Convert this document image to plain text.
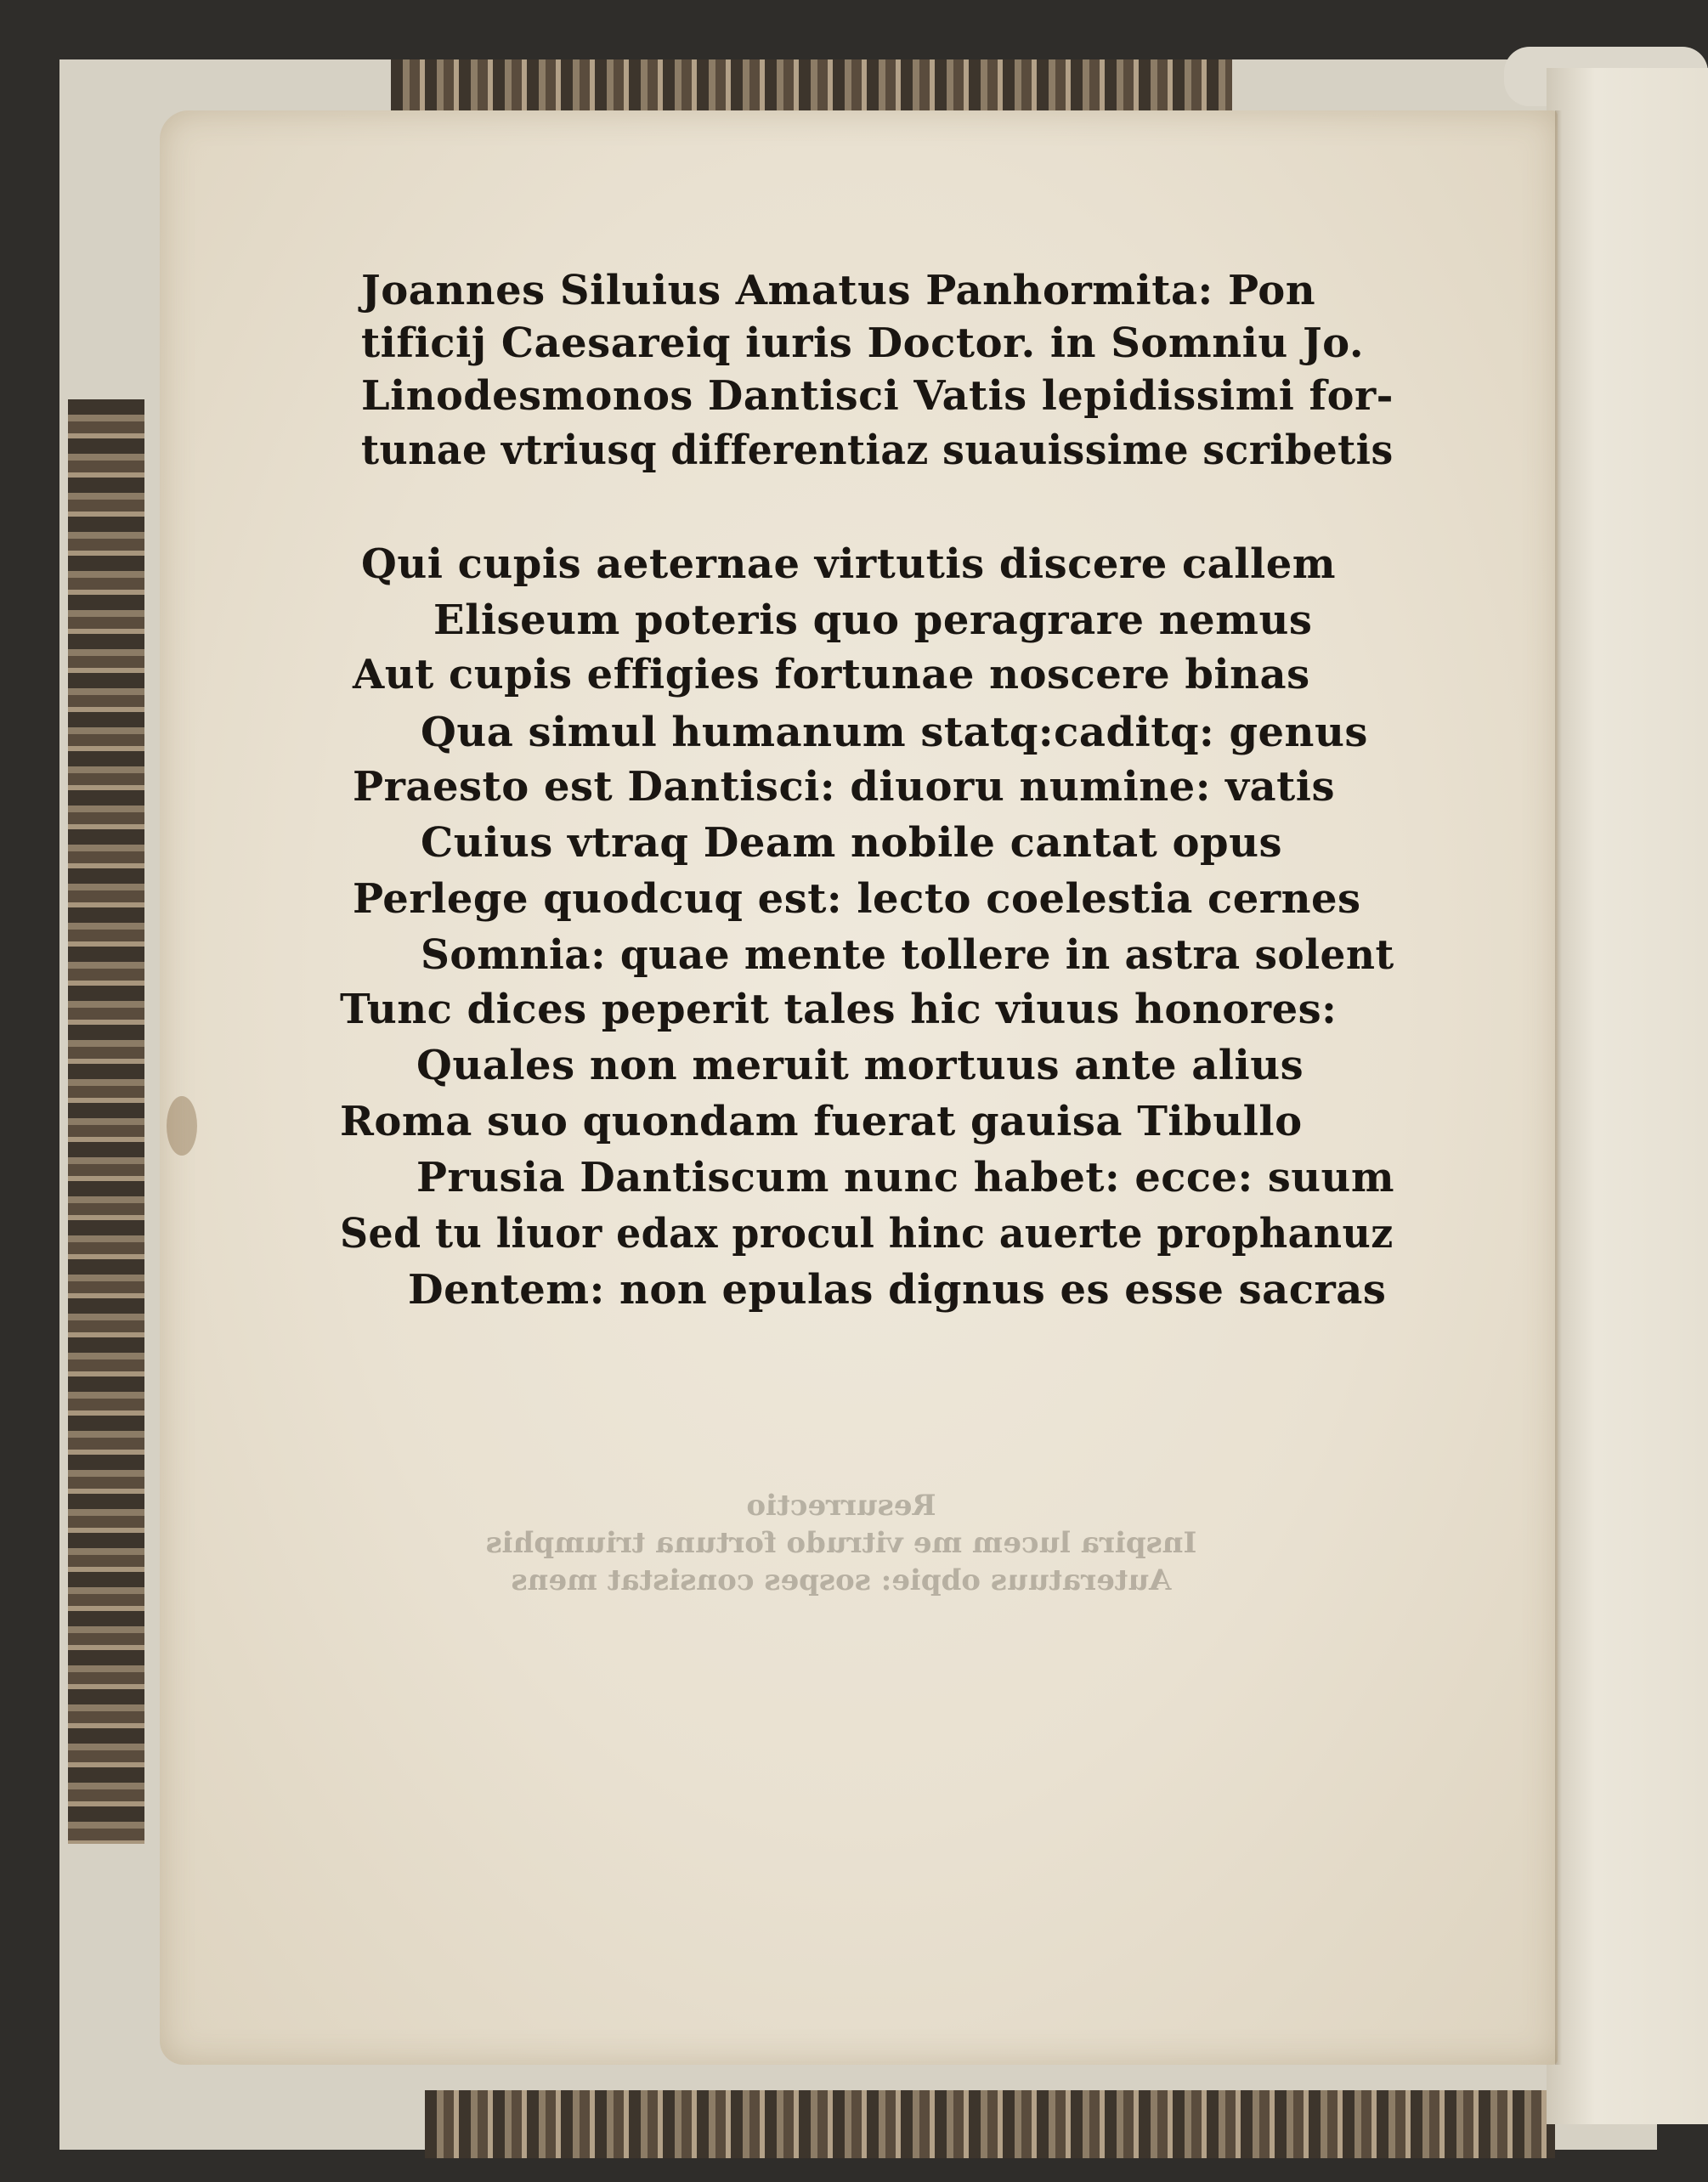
Resurrectio
Inspira lucem me vitrudo fortuna triumphis
Auteratuus obpie: sospes consistat mens
Joannes Siluius Amatus Panhormita: Pon
tificij Caesareiq iuris Doctor. in Somniu Jo.
Linodesmonos Dantisci Vatis lepidissimi for-
tunae vtriusq differentiaz suauissime scribetis
Qui cupis aeternae virtutis discere callem
Eliseum poteris quo peragrare nemus
Aut cupis effigies fortunae noscere binas
Qua simul humanum statq:caditq: genus
Praesto est Dantisci: diuoru numine: vatis
Cuius vtraq Deam nobile cantat opus
Perlege quodcuq est: lecto coelestia cernes
Somnia: quae mente tollere in astra solent
Tunc dices peperit tales hic viuus honores:
Quales non meruit mortuus ante alius
Roma suo quondam fuerat gauisa Tibullo
Prusia Dantiscum nunc habet: ecce: suum
Sed tu liuor edax procul hinc auerte prophanuz
Dentem: non epulas dignus es esse sacras
